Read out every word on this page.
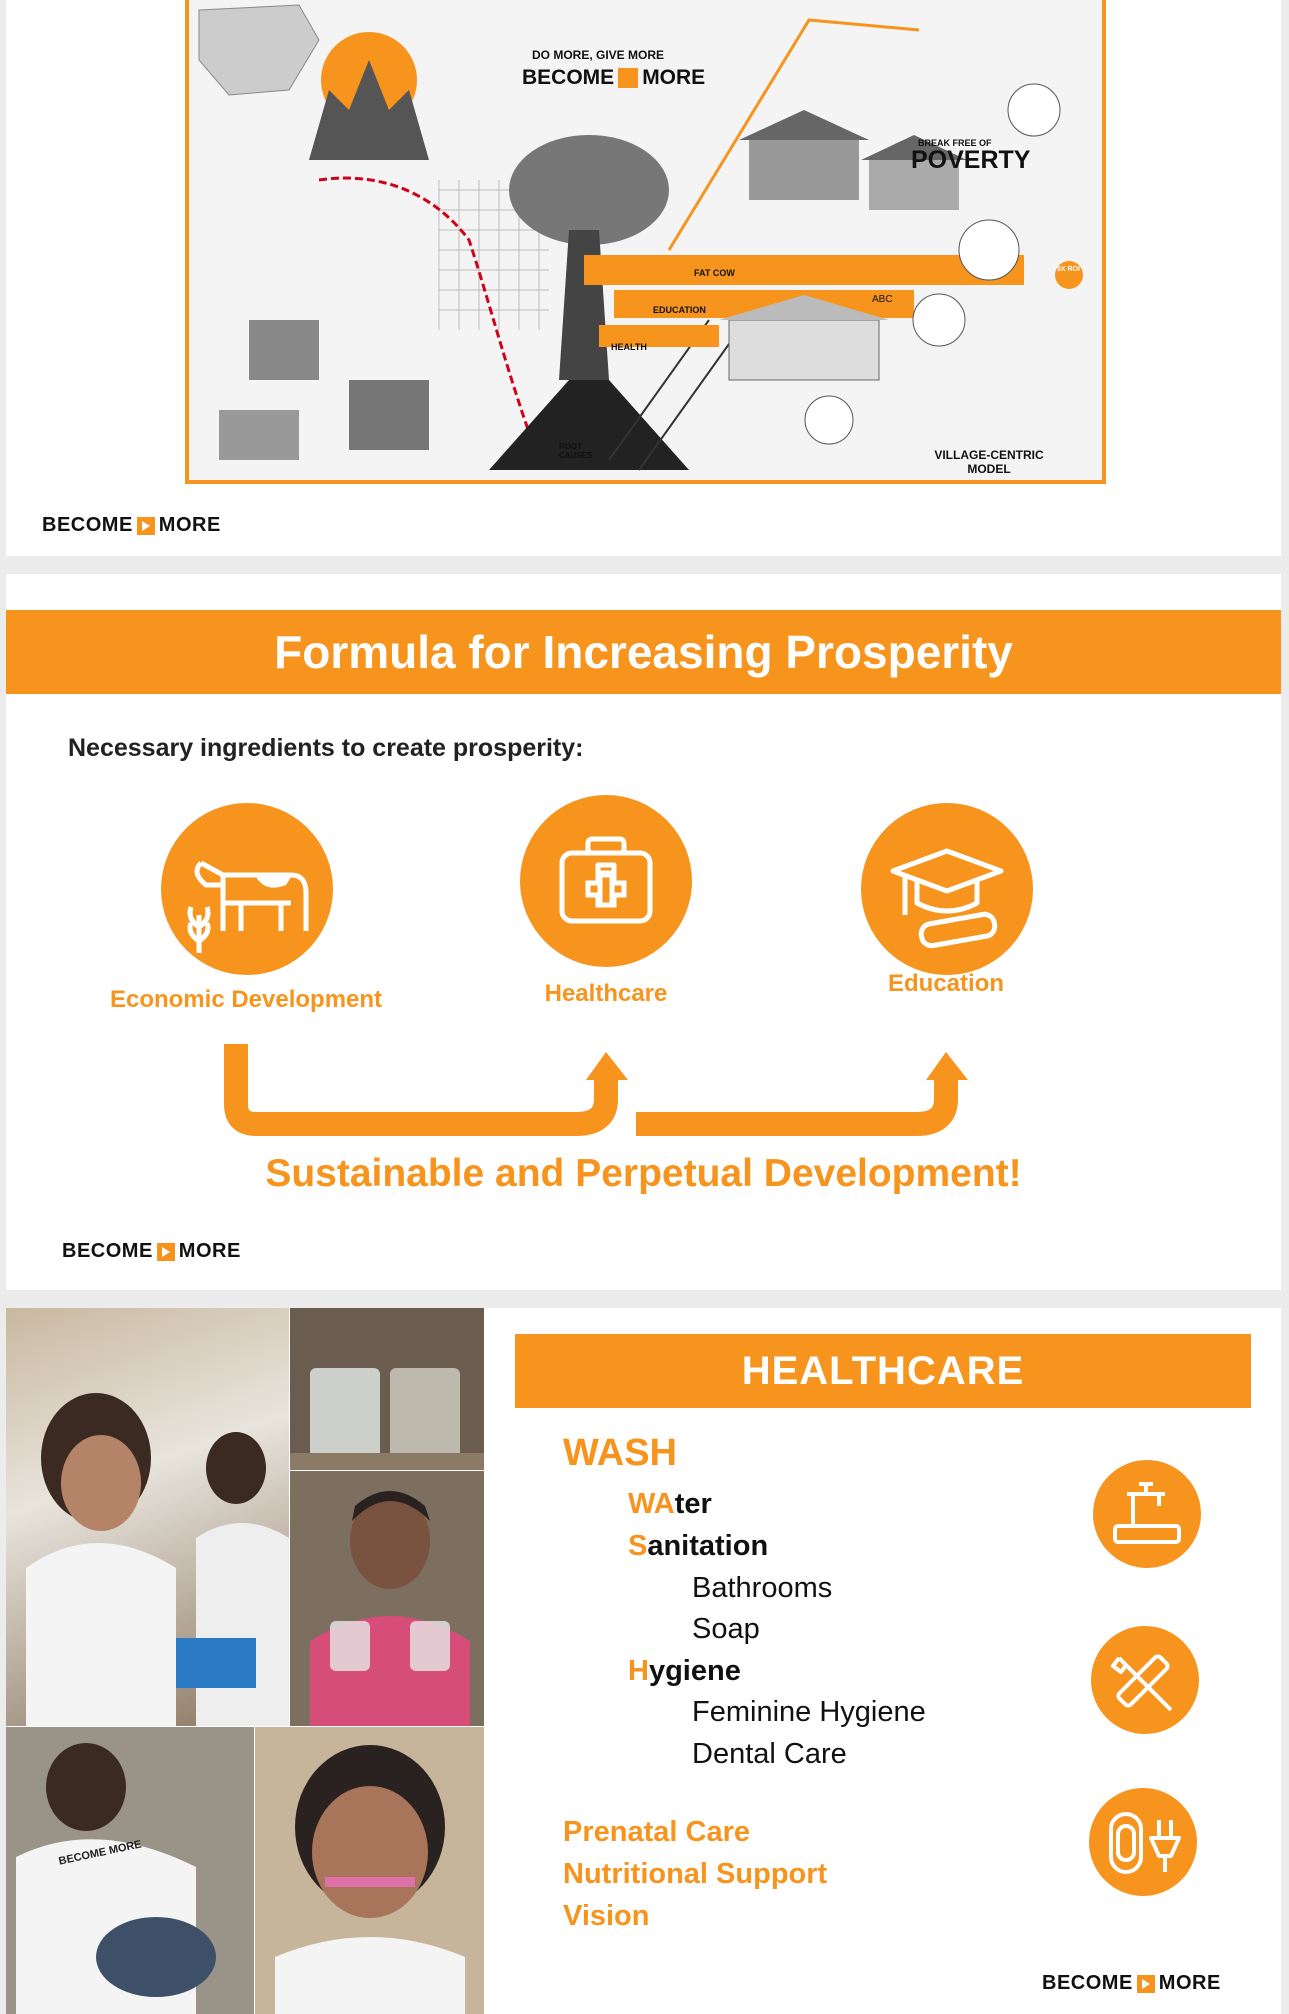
DO MORE, GIVE MORE
BECOME MORE
BREAK FREE OF
POVERTY
FAT COW
EDUCATION
HEALTH
VILLAGE-CENTRIC MODEL
ROOT CAUSES
5X ROI
ABC
BECOME MORE
Formula for Increasing Prosperity
Necessary ingredients to create prosperity:
Economic Development	Healthcare	Education
Sustainable and Perpetual Development!
BECOME MORE
BECOME MORE
HEALTHCARE
WASH
WAter
Sanitation
Bathrooms
Soap
Hygiene
Feminine Hygiene
Dental Care
Prenatal Care
Nutritional Support
Vision
BECOME MORE
